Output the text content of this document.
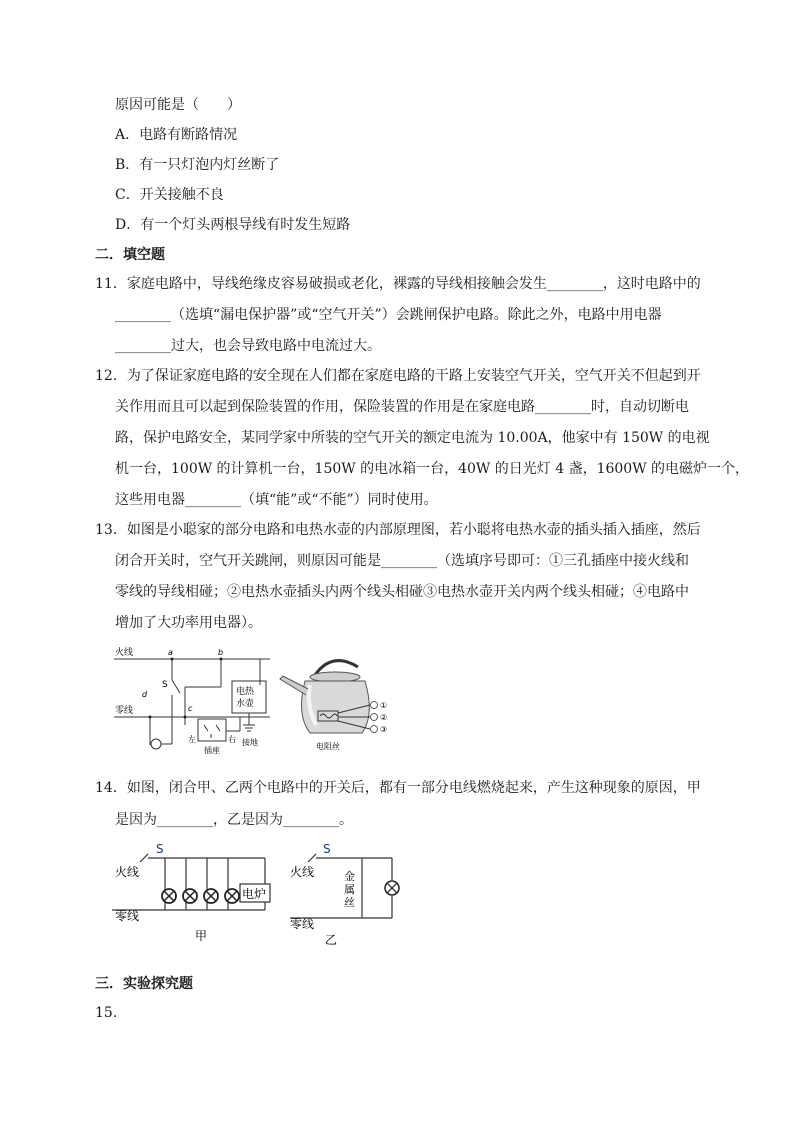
原因可能是（　　）
A．电路有断路情况
B．有一只灯泡内灯丝断了
C．开关接触不良
D．有一个灯头两根导线有时发生短路
二．填空题
11．家庭电路中，导线绝缘皮容易破损或老化，裸露的导线相接触会发生________，这时电路中的
________（选填“漏电保护器”或“空气开关”）会跳闸保护电路。除此之外，电路中用电器
________过大，也会导致电路中电流过大。
12．为了保证家庭电路的安全现在人们都在家庭电路的干路上安装空气开关，空气开关不但起到开
关作用而且可以起到保险装置的作用，保险装置的作用是在家庭电路________时，自动切断电
路，保护电路安全，某同学家中所装的空气开关的额定电流为 10.00A，他家中有 150W 的电视
机一台，100W 的计算机一台，150W 的电冰箱一台，40W 的日光灯 4 盏，1600W 的电磁炉一个，
这些用电器________（填“能”或“不能”）同时使用。
13．如图是小聪家的部分电路和电热水壶的内部原理图，若小聪将电热水壶的插头插入插座，然后
闭合开关时，空气开关跳闸，则原因可能是________（选填序号即可：①三孔插座中接火线和
零线的导线相碰；②电热水壶插头内两个线头相碰③电热水壶开关内两个线头相碰；④电路中
增加了大功率用电器）。
火线
零线
a	b
c
d
S
电热
水壶
接地
左	右
插座
①
②
③
电阻丝
14．如图，闭合甲、乙两个电路中的开关后，都有一部分电线燃烧起来，产生这种现象的原因，甲
是因为________，乙是因为________。
S
火线
零线
电炉
甲
S
火线
零线
金
属
丝
乙
三．实验探究题
15.
